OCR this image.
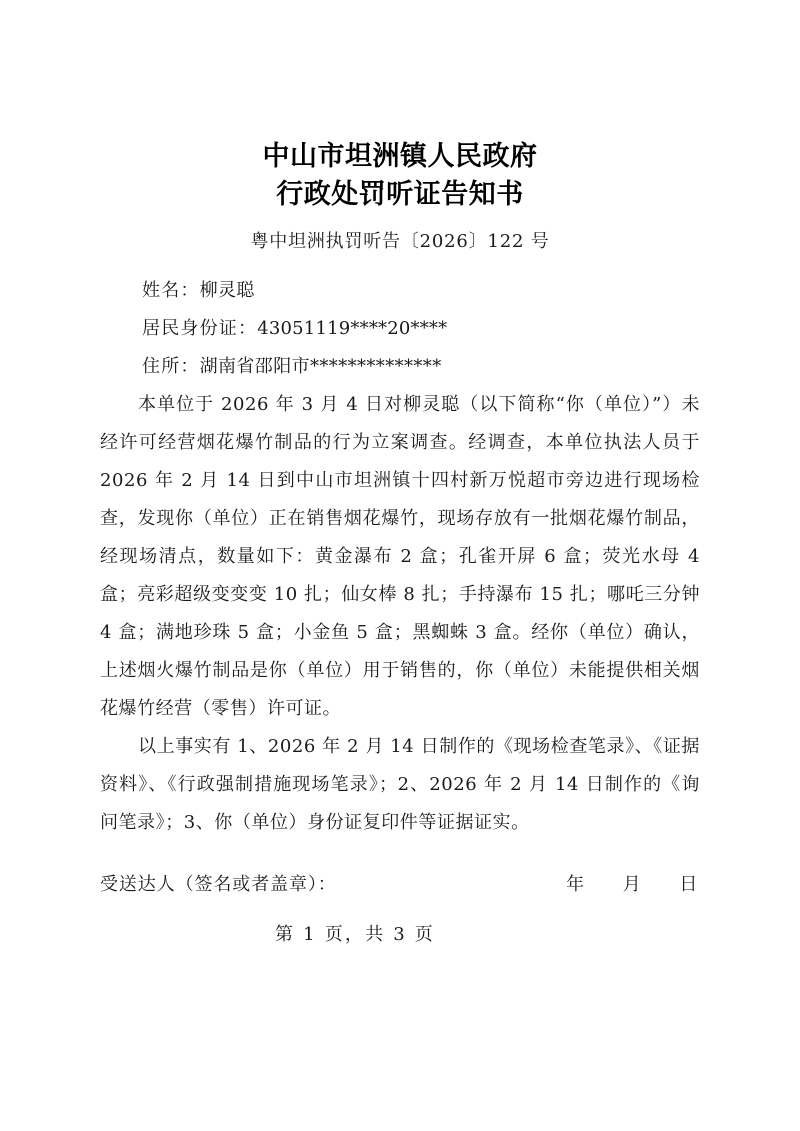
中山市坦洲镇人民政府
行政处罚听证告知书
粤中坦洲执罚听告〔2026〕122 号
姓名：柳灵聪
居民身份证：43051119****20****
住所：湖南省邵阳市**************

本单位于 2026 年 3 月 4 日对柳灵聪（以下简称“你（单位）”）未经许可经营烟花爆竹制品的行为立案调查。经调查，本单位执法人员于 2026 年 2 月 14 日到中山市坦洲镇十四村新万悦超市旁边进行现场检查，发现你（单位）正在销售烟花爆竹，现场存放有一批烟花爆竹制品，经现场清点，数量如下：黄金瀑布 2 盒；孔雀开屏 6 盒；荧光水母 4 盒；亮彩超级变变变 10 扎；仙女棒 8 扎；手持瀑布 15 扎；哪吒三分钟 4 盒；满地珍珠 5 盒；小金鱼 5 盒；黑蜘蛛 3 盒。经你（单位）确认，上述烟火爆竹制品是你（单位）用于销售的，你（单位）未能提供相关烟花爆竹经营（零售）许可证。

以上事实有 1、2026 年 2 月 14 日制作的《现场检查笔录》、《证据资料》、《行政强制措施现场笔录》；2、2026 年 2 月 14 日制作的《询问笔录》；3、你（单位）身份证复印件等证据证实。

受送达人（签名或者盖章）：	年 月 日
第 1 页，共 3 页
